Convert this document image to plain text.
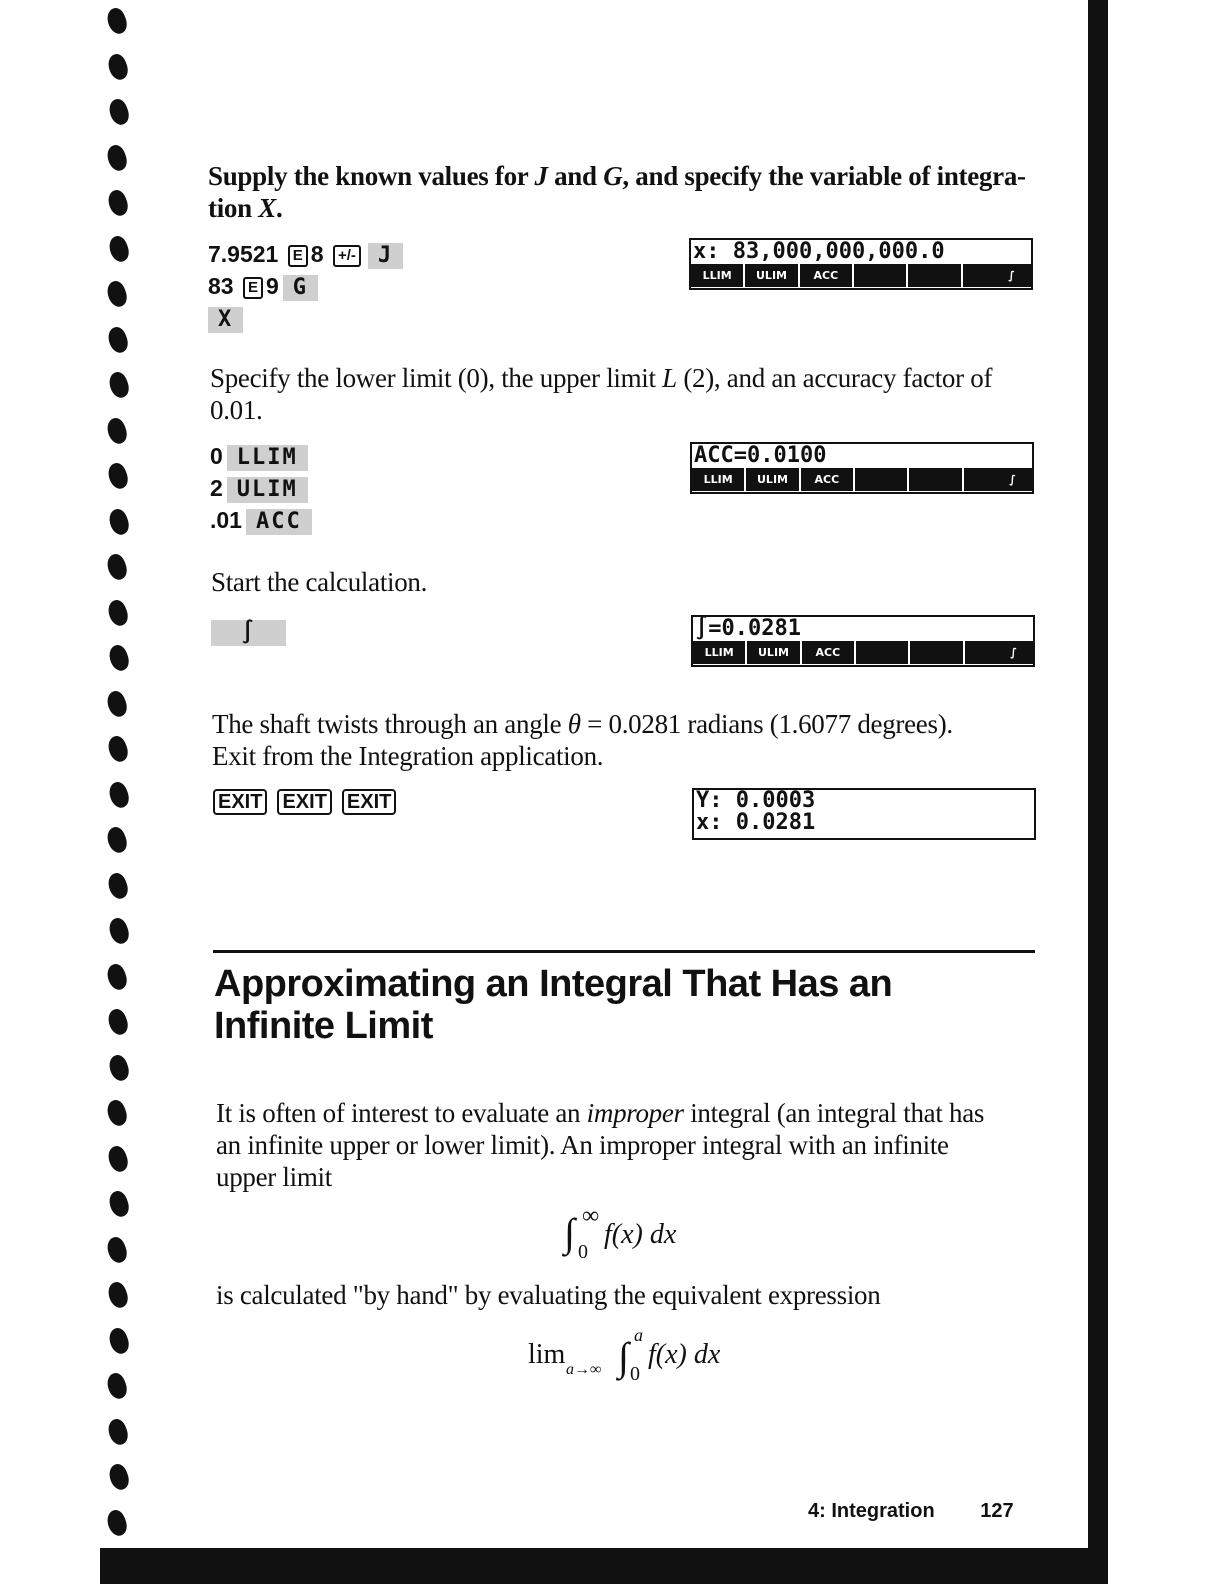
Supply the known values for J and G, and specify the variable of integra-
tion X.
7.9521 E 8 +/- J
83 E 9 G
X
x: 83,000,000,000.0
LLIM	ULIM	ACC	∫
Specify the lower limit (0), the upper limit L (2), and an accuracy factor of
0.01.
0 LLIM
2 ULIM
.01 ACC
ACC=0.0100
LLIM	ULIM	ACC	∫
Start the calculation.
∫	∫=0.0281
LLIM	ULIM	ACC	∫
The shaft twists through an angle θ = 0.0281 radians (1.6077 degrees).
Exit from the Integration application.
EXIT EXIT EXIT	Y: 0.0003
x: 0.0281
Approximating an Integral That Has an
Infinite Limit
It is often of interest to evaluate an improper integral (an integral that has
an infinite upper or lower limit). An improper integral with an infinite
upper limit
∫ ∞
0
f(x) dx
is calculated "by hand" by evaluating the equivalent expression
lim a→∞ ∫ a
0
f(x) dx
4: Integration 127
